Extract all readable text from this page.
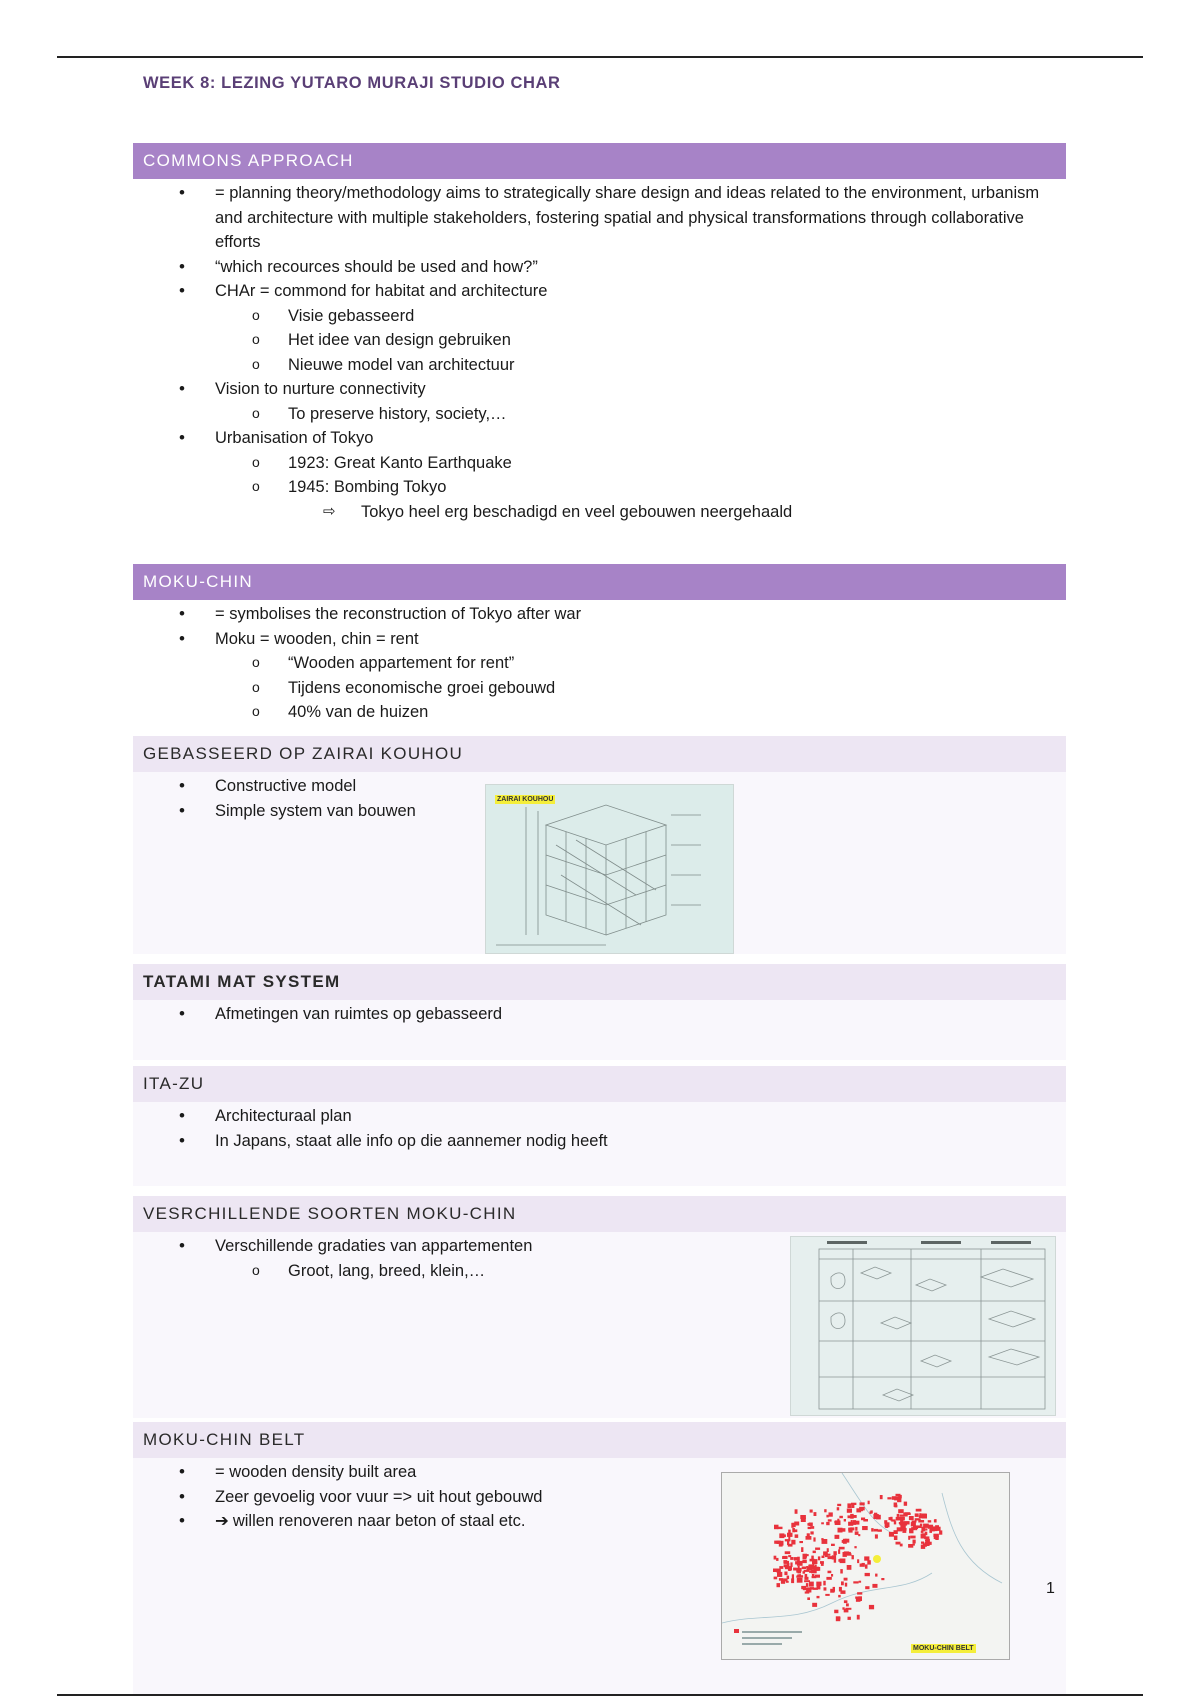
WEEK 8: LEZING YUTARO MURAJI STUDIO CHAR
COMMONS APPROACH
• = planning theory/methodology aims to strategically share design and ideas related to the environment, urbanism and architecture with multiple stakeholders, fostering spatial and physical transformations through collaborative efforts
• “which recources should be used and how?”
• CHAr = commond for habitat and architecture
o Visie gebasseerd
o Het idee van design gebruiken
o Nieuwe model van architectuur
• Vision to nurture connectivity
o To preserve history, society,…
• Urbanisation of Tokyo
o 1923: Great Kanto Earthquake
o 1945: Bombing Tokyo
⇨ Tokyo heel erg beschadigd en veel gebouwen neergehaald
MOKU-CHIN
• = symbolises the reconstruction of Tokyo after war
• Moku = wooden, chin = rent
o “Wooden appartement for rent”
o Tijdens economische groei gebouwd
o 40% van de huizen
GEBASSEERD OP ZAIRAI KOUHOU
• Constructive model
• Simple system van bouwen
ZAIRAI KOUHOU
TATAMI MAT SYSTEM
• Afmetingen van ruimtes op gebasseerd
ITA-ZU
• Architecturaal plan
• In Japans, staat alle info op die aannemer nodig heeft
VESRCHILLENDE SOORTEN MOKU-CHIN
• Verschillende gradaties van appartementen
o Groot, lang, breed, klein,…
MOKU-CHIN BELT
• = wooden density built area
• Zeer gevoelig voor vuur => uit hout gebouwd
• ➔ willen renoveren naar beton of staal etc.
MOKU-CHIN BELT
1
